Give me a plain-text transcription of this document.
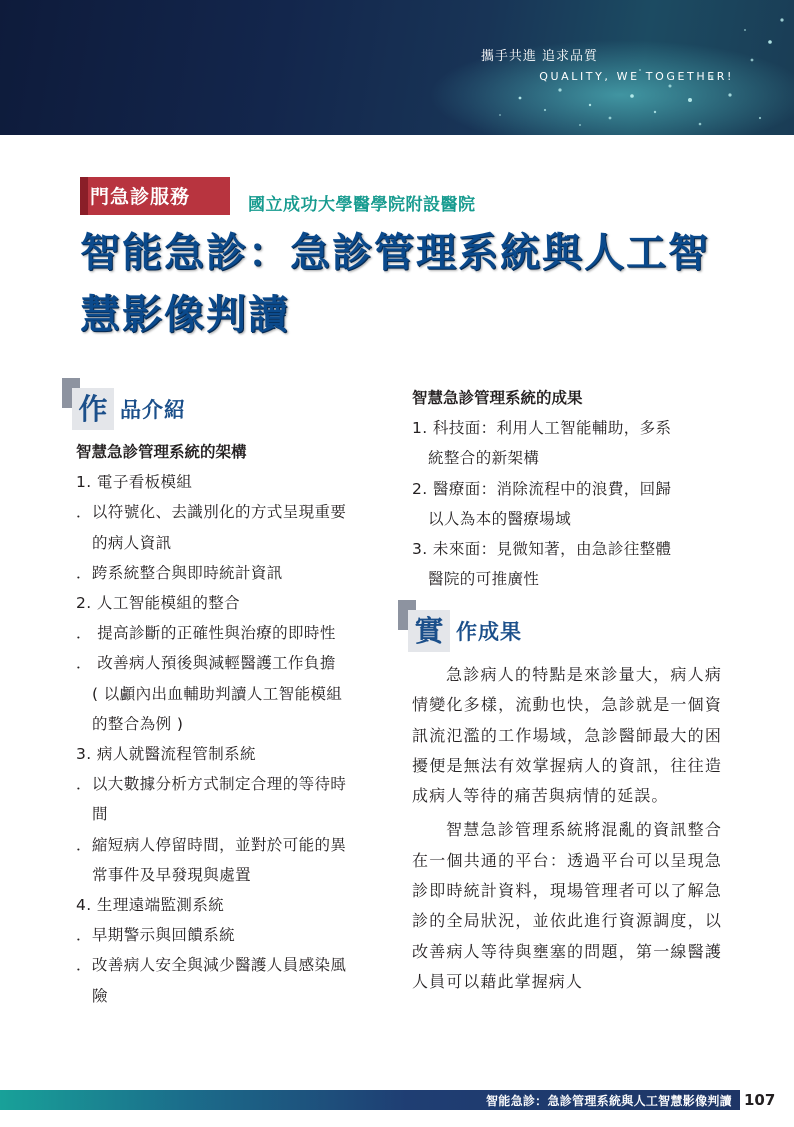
攜手共進 追求品質
QUALITY, WE TOGETHER!
門急診服務	國立成功大學醫學院附設醫院
智能急診：急診管理系統與人工智
慧影像判讀
作 品介紹
智慧急診管理系統的架構
1. 電子看板模組
．以符號化、去識別化的方式呈現重要
的病人資訊
．跨系統整合與即時統計資訊
2. 人工智能模組的整合
． 提高診斷的正確性與治療的即時性
． 改善病人預後與減輕醫護工作負擔
( 以顱內出血輔助判讀人工智能模組
的整合為例 )
3. 病人就醫流程管制系統
．以大數據分析方式制定合理的等待時
間
．縮短病人停留時間，並對於可能的異
常事件及早發現與處置
4. 生理遠端監測系統
．早期警示與回饋系統
．改善病人安全與減少醫護人員感染風
險
智慧急診管理系統的成果
1. 科技面：利用人工智能輔助，多系
統整合的新架構
2. 醫療面：消除流程中的浪費，回歸
以人為本的醫療場域
3. 未來面：見微知著，由急診往整體
醫院的可推廣性
實 作成果

急診病人的特點是來診量大，病人病情變化多樣，流動也快，急診就是一個資訊流氾濫的工作場域，急診醫師最大的困擾便是無法有效掌握病人的資訊，往往造成病人等待的痛苦與病情的延誤。

智慧急診管理系統將混亂的資訊整合在一個共通的平台：透過平台可以呈現急診即時統計資料，現場管理者可以了解急診的全局狀況，並依此進行資源調度，以改善病人等待與壅塞的問題，第一線醫護人員可以藉此掌握病人

智能急診：急診管理系統與人工智慧影像判讀 107
